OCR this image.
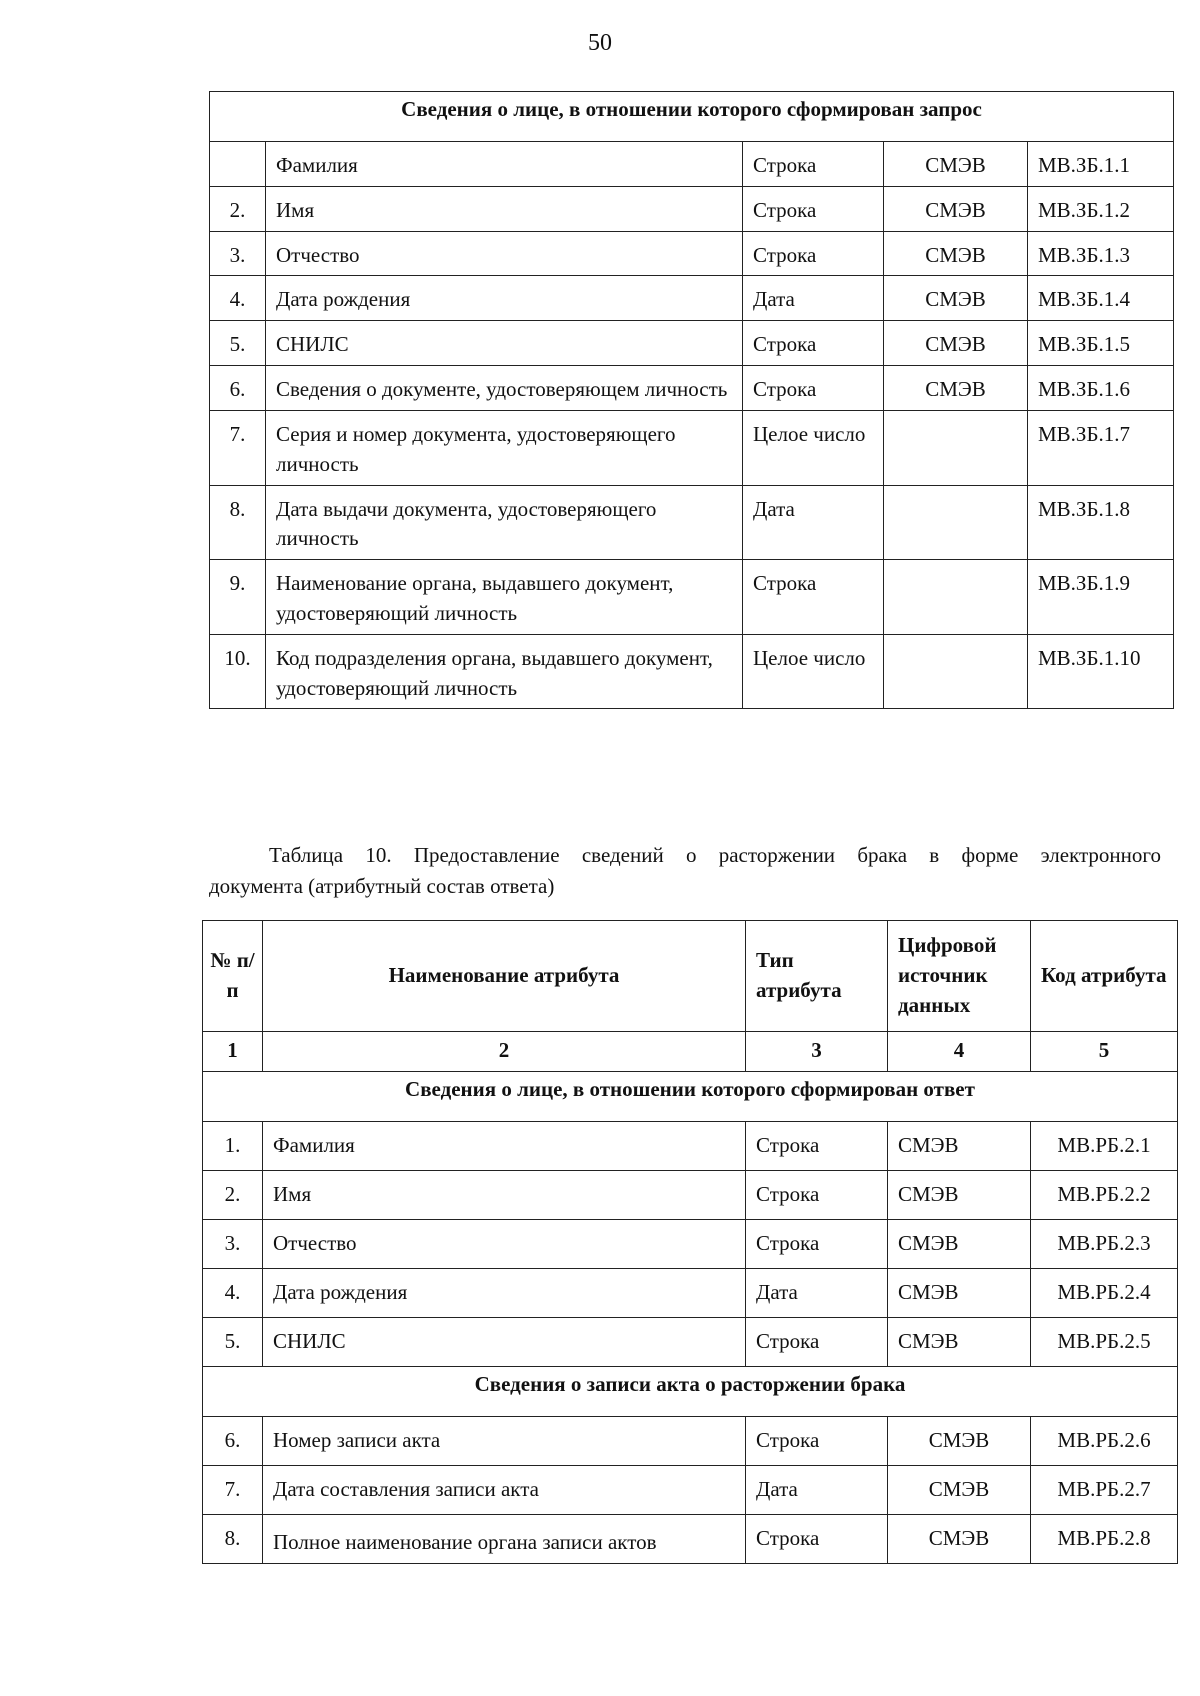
50
Сведения о лице, в отношении которого сформирован запрос				
	Фамилия	Строка	СМЭВ	МВ.ЗБ.1.1
2.	Имя	Строка	СМЭВ	МВ.ЗБ.1.2
3.	Отчество	Строка	СМЭВ	МВ.ЗБ.1.3
4.	Дата рождения	Дата	СМЭВ	МВ.ЗБ.1.4
5.	СНИЛС	Строка	СМЭВ	МВ.ЗБ.1.5
6.	Сведения о документе, удостоверяющем личность	Строка	СМЭВ	МВ.ЗБ.1.6
7.	Серия и номер документа, удостоверяющего личность	Целое число		МВ.ЗБ.1.7
8.	Дата выдачи документа, удостоверяющего личность	Дата		МВ.ЗБ.1.8
9.	Наименование органа, выдавшего документ, удостоверяющий личность	Строка		МВ.ЗБ.1.9
10.	Код подразделения органа, выдавшего документ, удостоверяющий личность	Целое число		МВ.ЗБ.1.10
Таблица 10. Предоставление сведений о расторжении брака в форме электронного
документа (атрибутный состав ответа)
№ п/п	Наименование атрибута	Тип атрибута	Цифровой источник данных	Код атрибута
1	2	3	4	5
Сведения о лице, в отношении которого сформирован ответ				
1.	Фамилия	Строка	СМЭВ	МВ.РБ.2.1
2.	Имя	Строка	СМЭВ	МВ.РБ.2.2
3.	Отчество	Строка	СМЭВ	МВ.РБ.2.3
4.	Дата рождения	Дата	СМЭВ	МВ.РБ.2.4
5.	СНИЛС	Строка	СМЭВ	МВ.РБ.2.5
Сведения о записи акта о расторжении брака				
6.	Номер записи акта	Строка	СМЭВ	МВ.РБ.2.6
7.	Дата составления записи акта	Дата	СМЭВ	МВ.РБ.2.7
8.	Полное наименование органа записи актов	Строка	СМЭВ	МВ.РБ.2.8
